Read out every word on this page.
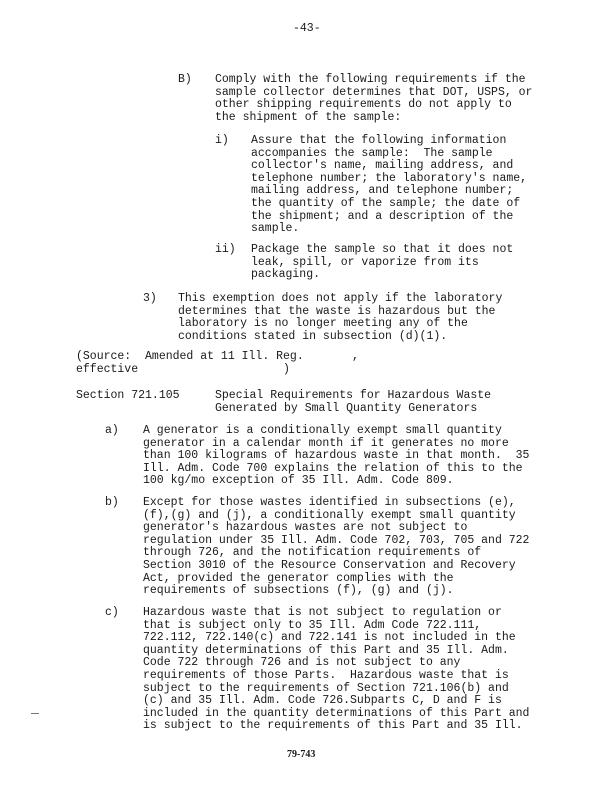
-43-
B) Comply with the following requirements if the
sample collector determines that DOT, USPS, or
other shipping requirements do not apply to
the shipment of the sample:
i) Assure that the following information
accompanies the sample:  The sample
collector's name, mailing address, and
telephone number; the laboratory's name,
mailing address, and telephone number;
the quantity of the sample; the date of
the shipment; and a description of the
sample.
ii) Package the sample so that it does not
leak, spill, or vaporize from its
packaging.
3) This exemption does not apply if the laboratory
determines that the waste is hazardous but the
laboratory is no longer meeting any of the
conditions stated in subsection (d)(1).
(Source:  Amended at 11 Ill. Reg.       ,
effective                     )
Section 721.105	Special Requirements for Hazardous Waste
Generated by Small Quantity Generators
a) A generator is a conditionally exempt small quantity
generator in a calendar month if it generates no more
than 100 kilograms of hazardous waste in that month.  35
Ill. Adm. Code 700 explains the relation of this to the
100 kg/mo exception of 35 Ill. Adm. Code 809.
b) Except for those wastes identified in subsections (e),
(f),(g) and (j), a conditionally exempt small quantity
generator's hazardous wastes are not subject to
regulation under 35 Ill. Adm. Code 702, 703, 705 and 722
through 726, and the notification requirements of
Section 3010 of the Resource Conservation and Recovery
Act, provided the generator complies with the
requirements of subsections (f), (g) and (j).
c) Hazardous waste that is not subject to regulation or
that is subject only to 35 Ill. Adm Code 722.111,
722.112, 722.140(c) and 722.141 is not included in the
quantity determinations of this Part and 35 Ill. Adm.
Code 722 through 726 and is not subject to any
requirements of those Parts.  Hazardous waste that is
subject to the requirements of Section 721.106(b) and
(c) and 35 Ill. Adm. Code 726.Subparts C, D and F is
included in the quantity determinations of this Part and
is subject to the requirements of this Part and 35 Ill.
79-743
